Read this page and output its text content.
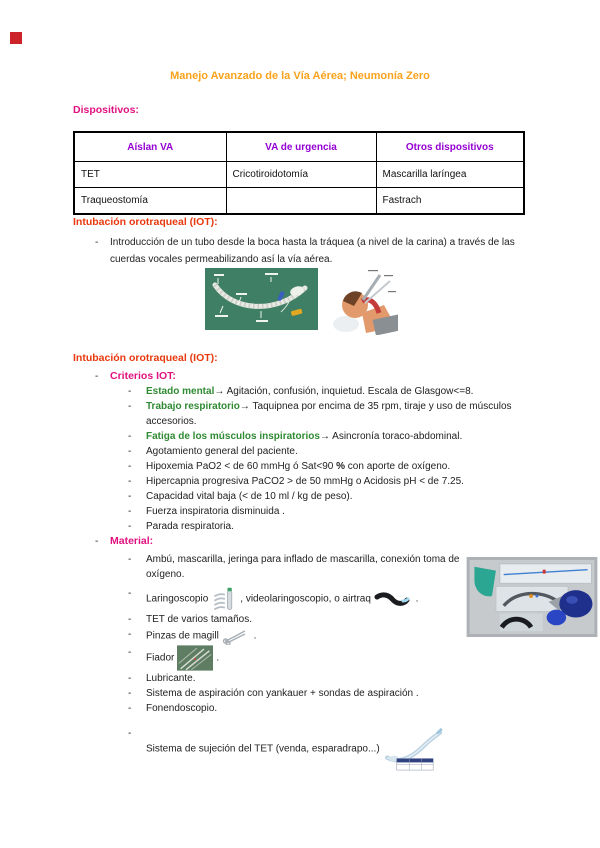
Manejo Avanzado de la Vía Aérea; Neumonía Zero
Dispositivos:
Aíslan VA	VA de urgencia	Otros dispositivos
TET	Cricotiroidotomía	Mascarilla laríngea
Traqueostomía		Fastrach
Intubación orotraqueal (IOT):
-	Introducción de un tubo desde la boca hasta la tráquea (a nivel de la carina) a través de las cuerdas vocales permeabilizando así la vía aérea.
Intubación orotraqueal (IOT):
-	Criterios IOT:
-	Estado mental→ Agitación, confusión, inquietud. Escala de Glasgow<=8.
-	Trabajo respiratorio→ Taquipnea por encima de 35 rpm, tiraje y uso de músculos accesorios.
-	Fatiga de los músculos inspiratorios→ Asincronía toraco-abdominal.
-	Agotamiento general del paciente.
-	Hipoxemia PaO2 < de 60 mmHg ó Sat<90 % con aporte de oxígeno.
-	Hipercapnia progresiva PaCO2 > de 50 mmHg o Acidosis pH < de 7.25.
-	Capacidad vital baja (< de 10 ml / kg de peso).
-	Fuerza inspiratoria disminuida .
-	Parada respiratoria.
-	Material:
-	Ambú, mascarilla, jeringa para inflado de mascarilla, conexión toma de oxígeno.
-
Laringoscopio	, videolaringoscopio, o airtraq	.
-	TET de varios tamaños.
-	Pinzas de magill	.
-
Fiador	.
-	Lubricante.
-	Sistema de aspiración con yankauer + sondas de aspiración .
-	Fonendoscopio.
-
Sistema de sujeción del TET (venda, esparadrapo...)
